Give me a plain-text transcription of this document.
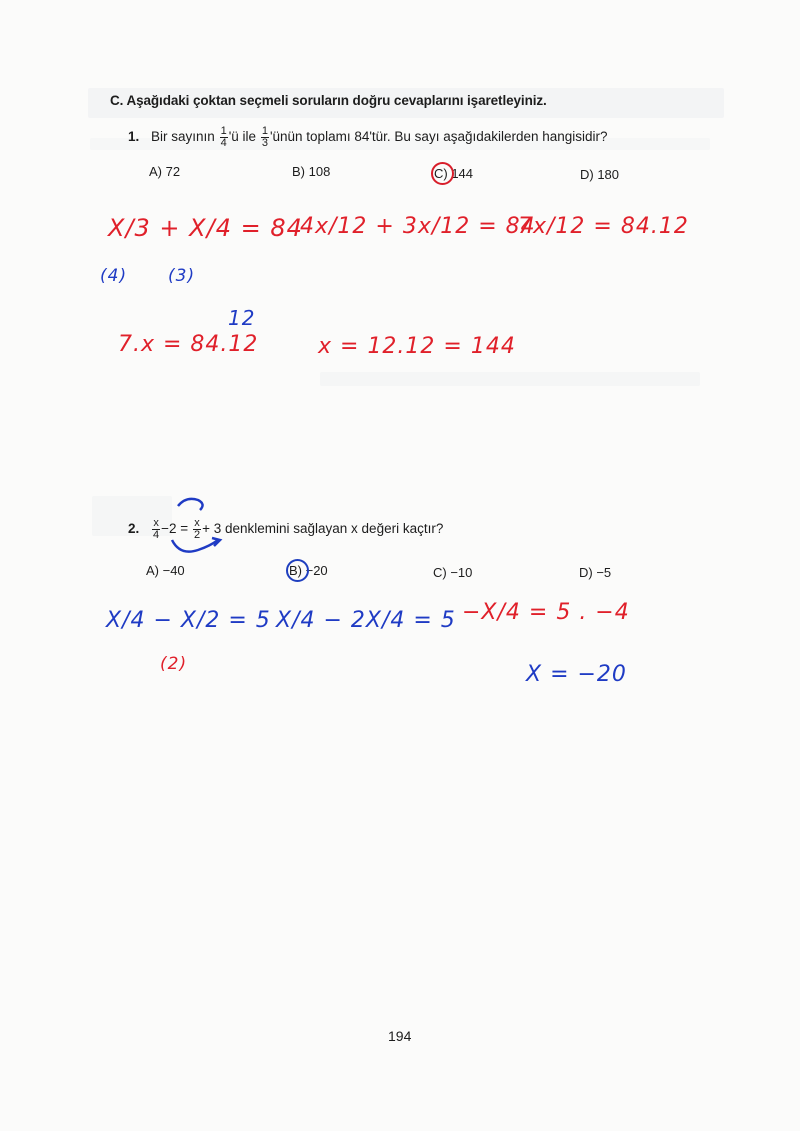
C. Aşağıdaki çoktan seçmeli soruların doğru cevaplarını işaretleyiniz.
1. Bir sayının $\frac{1}{4}$ 'ü ile $\frac{1}{3}$ 'ünün toplamı 84'tür. Bu sayı aşağıdakilerden hangisidir?
A) 72	B) 108	C) 144	D) 180
X/3 + X/4 = 84
4x/12 + 3x/12 = 84
7x/12 = 84.12
(4) (3)
12
7.x = 84.12	x = 12.12 = 144
2. $\frac{x}{4} -2 = \frac{x}{2} + 3$ denklemini sağlayan x değeri kaçtır?
A) −40	B) −20	C) −10	D) −5
X/4 − X/2 = 5
(2)
X/4 − 2X/4 = 5 −X/4 = 5 . −4
X = −20
194
